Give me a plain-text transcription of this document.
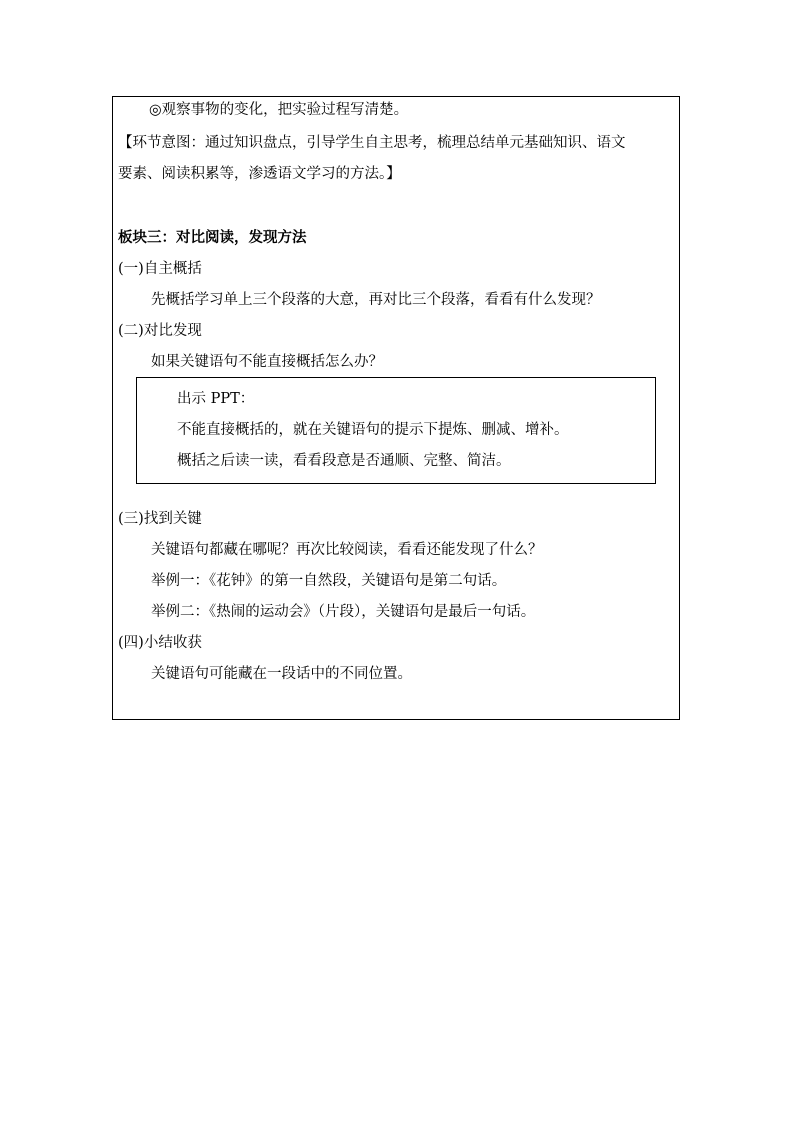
◎观察事物的变化，把实验过程写清楚。
【环节意图：通过知识盘点，引导学生自主思考，梳理总结单元基础知识、语文
要素、阅读积累等，渗透语文学习的方法。】
板块三：对比阅读，发现方法
(一)自主概括
先概括学习单上三个段落的大意，再对比三个段落，看看有什么发现？
(二)对比发现
如果关键语句不能直接概括怎么办？
出示 PPT：
不能直接概括的，就在关键语句的提示下提炼、删减、增补。
概括之后读一读，看看段意是否通顺、完整、简洁。
(三)找到关键
关键语句都藏在哪呢？再次比较阅读，看看还能发现了什么？
举例一：《花钟》的第一自然段，关键语句是第二句话。
举例二：《热闹的运动会》（片段），关键语句是最后一句话。
(四)小结收获
关键语句可能藏在一段话中的不同位置。
